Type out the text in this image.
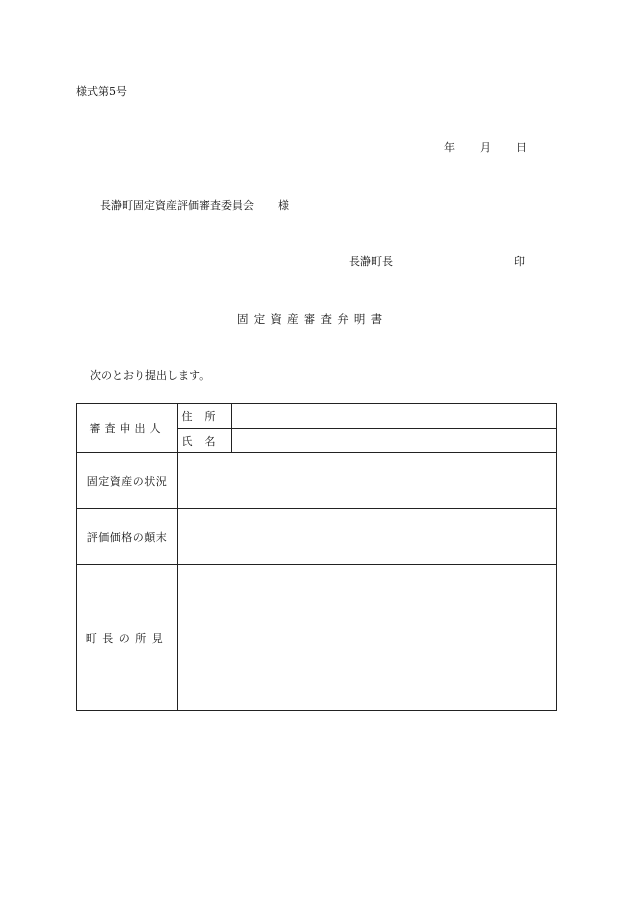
様式第5号
年 月 日
長瀞町固定資産評価審査委員会 様
長瀞町長	印
固定資産審査弁明書
次のとおり提出します。
審査申出人	住所	
	氏名	
固定資産の状況		
評価価格の顛末		
町長の所見		
